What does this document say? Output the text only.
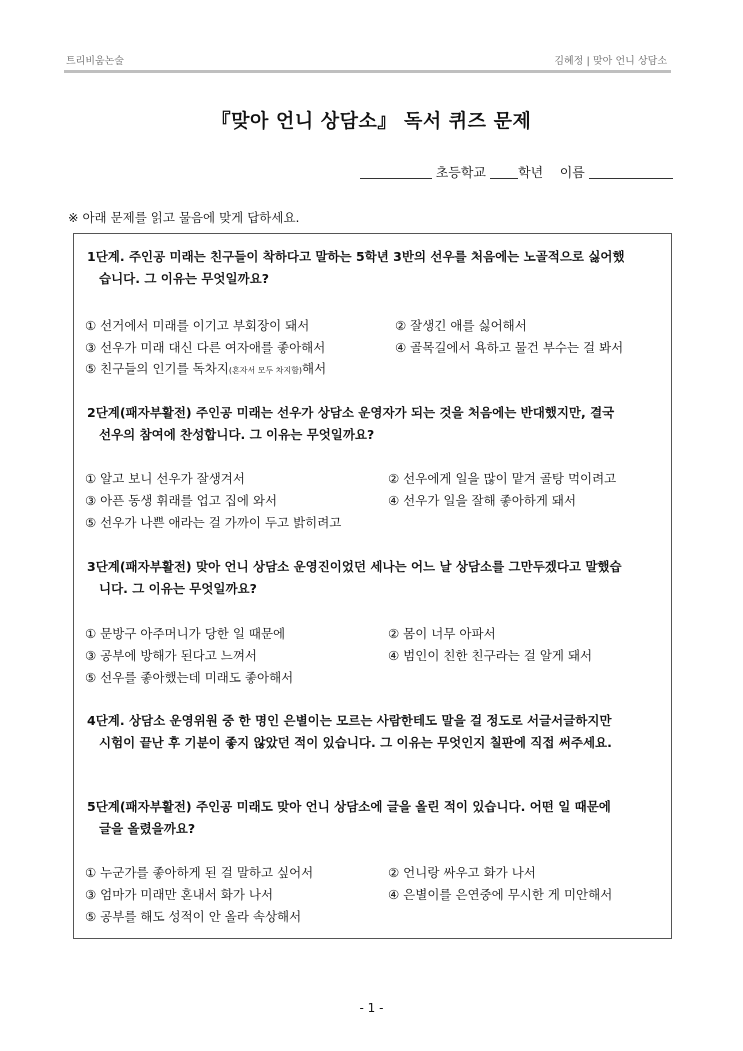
트리비움논술	김혜정 | 맞아 언니 상담소
『맞아 언니 상담소』 독서 퀴즈 문제
초등학교 학년 이름
※ 아래 문제를 읽고 물음에 맞게 답하세요.
1단계. 주인공 미래는 친구들이 착하다고 말하는 5학년 3반의 선우를 처음에는 노골적으로 싫어했
습니다. 그 이유는 무엇일까요?
① 선거에서 미래를 이기고 부회장이 돼서	② 잘생긴 애를 싫어해서
③ 선우가 미래 대신 다른 여자애를 좋아해서	④ 골목길에서 욕하고 물건 부수는 걸 봐서
⑤ 친구들의 인기를 독차지(혼자서 모두 차지함)해서
2단계(패자부활전) 주인공 미래는 선우가 상담소 운영자가 되는 것을 처음에는 반대했지만, 결국
선우의 참여에 찬성합니다. 그 이유는 무엇일까요?
① 알고 보니 선우가 잘생겨서	② 선우에게 일을 많이 맡겨 골탕 먹이려고
③ 아픈 동생 휘래를 업고 집에 와서	④ 선우가 일을 잘해 좋아하게 돼서
⑤ 선우가 나쁜 애라는 걸 가까이 두고 밝히려고
3단계(패자부활전) 맞아 언니 상담소 운영진이었던 세나는 어느 날 상담소를 그만두겠다고 말했습
니다. 그 이유는 무엇일까요?
① 문방구 아주머니가 당한 일 때문에	② 몸이 너무 아파서
③ 공부에 방해가 된다고 느껴서	④ 범인이 친한 친구라는 걸 알게 돼서
⑤ 선우를 좋아했는데 미래도 좋아해서
4단계. 상담소 운영위원 중 한 명인 은별이는 모르는 사람한테도 말을 걸 정도로 서글서글하지만
시험이 끝난 후 기분이 좋지 않았던 적이 있습니다. 그 이유는 무엇인지 칠판에 직접 써주세요.
5단계(패자부활전) 주인공 미래도 맞아 언니 상담소에 글을 올린 적이 있습니다. 어떤 일 때문에
글을 올렸을까요?
① 누군가를 좋아하게 된 걸 말하고 싶어서	② 언니랑 싸우고 화가 나서
③ 엄마가 미래만 혼내서 화가 나서	④ 은별이를 은연중에 무시한 게 미안해서
⑤ 공부를 해도 성적이 안 올라 속상해서
- 1 -
